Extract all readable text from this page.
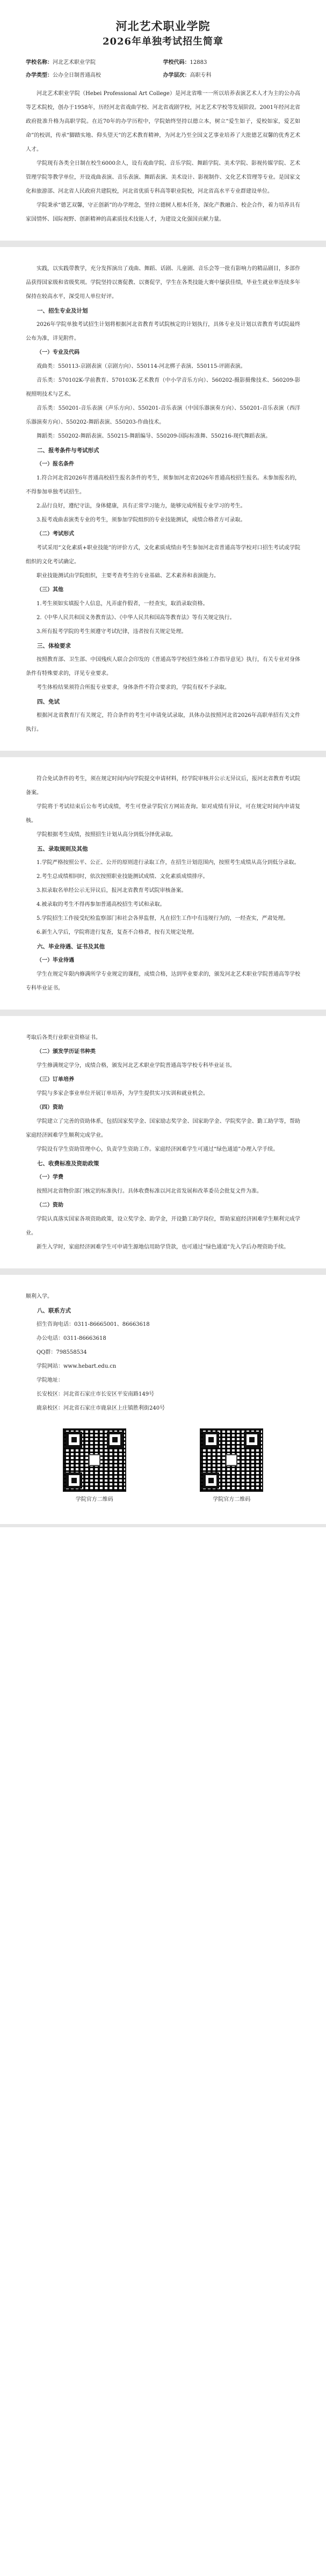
河北艺术职业学院
2026年单独考试招生简章
学校名称：河北艺术职业学院	学校代码：12883
办学类型：公办全日制普通高校	办学层次：高职专科

河北艺术职业学院（Hebei Professional Art College）是河北省唯一一所以培养表演艺术人才为主的公办高等艺术院校，创办于1958年，历经河北省戏曲学校、河北省戏剧学校，河北艺术学校等发展阶段。2001年经河北省政府批准升格为高职学院。在近70年的办学历程中，学院始终坚持以德立本，树立“爱生如子，爱校如家，爱艺如命”的校训，传承“脚踏实地、仰头望天”的艺术教育精神，为河北乃至全国文艺事业培养了大批德艺双馨的优秀艺术人才。

学院现有各类全日制在校生6000余人，设有戏曲学院、音乐学院、舞蹈学院、美术学院、影视传媒学院、艺术管理学院等教学单位，开设戏曲表演、音乐表演、舞蹈表演、美术设计、影视制作、文化艺术管理等专业。是国家文化和旅游部、河北省人民政府共建院校，河北省优质专科高等职业院校，河北省高水平专业群建设单位。

学院秉承“德艺双馨，守正创新”的办学理念，坚持立德树人根本任务，深化产教融合、校企合作，着力培养具有家国情怀、国际视野、创新精神的高素质技术技能人才，为建设文化强国贡献力量。

实践，以实践带教学，充分发挥演出了戏曲、舞蹈、话剧、儿童剧、音乐会等一批有影响力的精品剧目，多部作品获得国家级和省级奖项。学院坚持以赛促教、以赛促学，学生在各类技能大赛中屡获佳绩，毕业生就业率连续多年保持在较高水平，深受用人单位好评。

一、招生专业及计划

2026年学院单独考试招生计划将根据河北省教育考试院核定的计划执行，具体专业及计划以省教育考试院最终公布为准，详见附件。

（一）专业及代码

戏曲类：550113-京剧表演（京剧方向）、550114-河北梆子表演、550115-评剧表演。

音乐类：570102K-学前教育、570103K-艺术教育（中小学音乐方向）、560202-摄影摄像技术、560209-影视照明技术与艺术。

音乐类：550201-音乐表演（声乐方向）、550201-音乐表演（中国乐器演奏方向）、550201-音乐表演（西洋乐器演奏方向）、550202-舞蹈表演、550203-作曲技术。

舞蹈类：550202-舞蹈表演、550215-舞蹈编导、550209-国际标准舞、550216-现代舞蹈表演。

二、报考条件与考试形式
（一）报名条件

1.符合河北省2026年普通高校招生报名条件的考生，须参加河北省2026年普通高校招生报名。未参加报名的，不得参加单独考试招生。

2.品行良好，遵纪守法，身体健康，具有正常学习能力，能够完成所报专业学习的考生。

3.报考戏曲表演类专业的考生，须参加学院组织的专业技能测试，成绩合格者方可录取。

（二）考试形式

考试采用“文化素质+职业技能”的评价方式，文化素质成绩由考生参加河北省普通高等学校对口招生考试或学院组织的文化考试确定。

职业技能测试由学院组织，主要考查考生的专业基础、艺术素养和表演能力。

（三）其他

1.考生须如实填报个人信息，凡弄虚作假者，一经查实，取消录取资格。

2.《中华人民共和国义务教育法》、《中华人民共和国高等教育法》等有关规定执行。

3.所有报考学院的考生须遵守考试纪律，违者按有关规定处理。

三、体检要求

按照教育部、卫生部、中国残疾人联合会印发的《普通高等学校招生体检工作指导意见》执行，有关专业对身体条件有特殊要求的，详见专业要求。

考生体检结果须符合所报专业要求，身体条件不符合要求的，学院有权不予录取。

四、免试

根据河北省教育厅有关规定，符合条件的考生可申请免试录取，具体办法按照河北省2026年高职单招有关文件执行。

符合免试条件的考生，须在规定时间内向学院提交申请材料，经学院审核并公示无异议后，报河北省教育考试院备案。

学院将于考试结束后公布考试成绩，考生可登录学院官方网站查询。如对成绩有异议，可在规定时间内申请复核。

学院根据考生成绩，按照招生计划从高分到低分择优录取。

五、录取规则及其他

1.学院严格按照公平、公正、公开的原则进行录取工作，在招生计划范围内，按照考生成绩从高分到低分录取。

2.考生总成绩相同时，依次按照职业技能测试成绩、文化素质成绩排序。

3.拟录取名单经公示无异议后，报河北省教育考试院审核备案。

4.被录取的考生不得再参加普通高校招生考试和录取。

5.学院招生工作接受纪检监察部门和社会各界监督，凡在招生工作中有违规行为的，一经查实，严肃处理。

6.新生入学后，学院将进行复查，复查不合格者，按有关规定处理。

六、毕业待遇、证书及其他
（一）毕业待遇

学生在规定年限内修满所学专业规定的课程，成绩合格，达到毕业要求的，颁发河北艺术职业学院普通高等学校专科毕业证书。

考取后各类行业职业资格证书。

（二）颁发学历证书种类

学生修满规定学分，成绩合格，颁发河北艺术职业学院普通高等学校专科毕业证书。

（三）订单培养

学院与多家企事业单位开展订单培养，为学生提供实习实训和就业机会。

（四）资助

学院建立了完善的资助体系，包括国家奖学金、国家励志奖学金、国家助学金、学院奖学金、勤工助学等，帮助家庭经济困难学生顺利完成学业。

学院设有学生资助管理中心，负责学生资助工作。家庭经济困难学生可通过“绿色通道”办理入学手续。

七、收费标准及资助政策
（一）学费

按照河北省物价部门核定的标准执行。具体收费标准以河北省发展和改革委员会批复文件为准。

（二）资助

学院认真落实国家各项资助政策，设立奖学金、助学金，开设勤工助学岗位，帮助家庭经济困难学生顺利完成学业。

新生入学时，家庭经济困难学生可申请生源地信用助学贷款，也可通过“绿色通道”先入学后办理资助手续。

顺利入学。

八、联系方式

招生咨询电话：0311-86665001、86663618

办公电话：0311-86663618

QQ群：798558534

学院网站：www.hebart.edu.cn

学院地址：

长安校区：河北省石家庄市长安区平安南路149号

鹿泉校区：河北省石家庄市鹿泉区上庄镇胜利街240号

学院官方二维码	学院官方二维码
